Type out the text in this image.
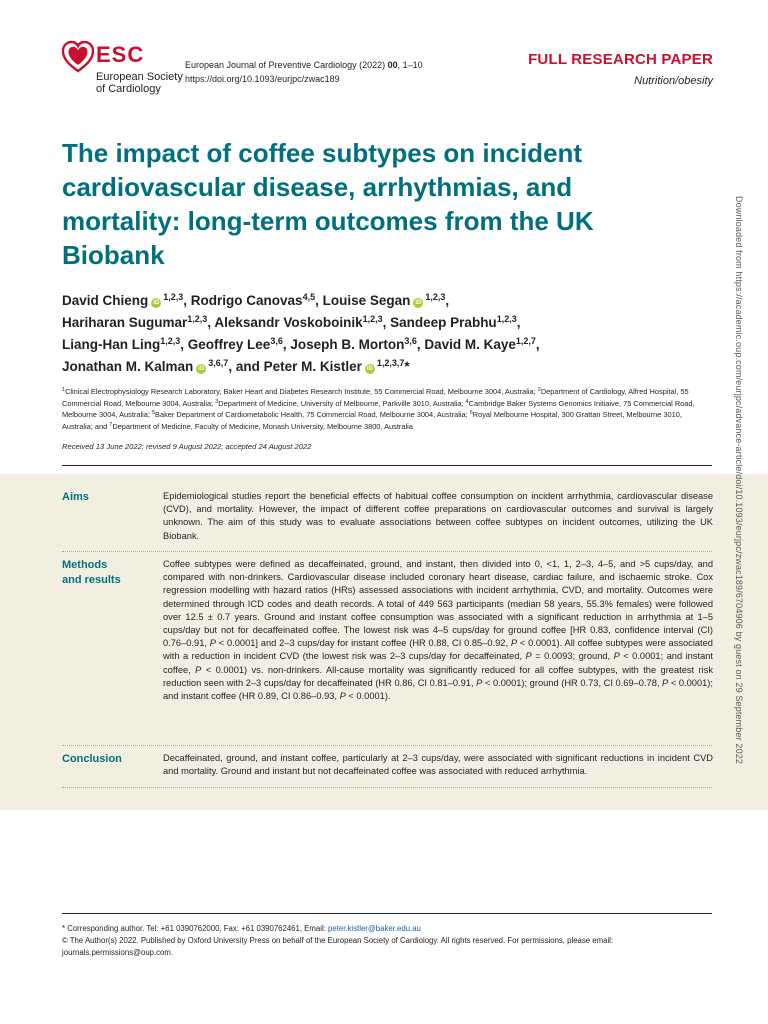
ESC
European Society
of Cardiology
European Journal of Preventive Cardiology (2022) 00, 1–10
https://doi.org/10.1093/eurjpc/zwac189
FULL RESEARCH PAPER
Nutrition/obesity
The impact of coffee subtypes on incident cardiovascular disease, arrhythmias, and mortality: long-term outcomes from the UK Biobank
David Chieng iD$^{1,2,3}$, Rodrigo Canovas$^{4,5}$, Louise Segan iD$^{1,2,3}$,
Hariharan Sugumar$^{1,2,3}$, Aleksandr Voskoboinik$^{1,2,3}$, Sandeep Prabhu$^{1,2,3}$,
Liang-Han Ling$^{1,2,3}$, Geoffrey Lee$^{3,6}$, Joseph B. Morton$^{3,6}$, David M. Kaye$^{1,2,7}$,
Jonathan M. Kalman iD$^{3,6,7}$, and Peter M. Kistler iD$^{1,2,3,7}$*
$^1$Clinical Electrophysiology Research Laboratory, Baker Heart and Diabetes Research Institute, 55 Commercial Road, Melbourne 3004, Australia; $^2$Department of Cardiology, Alfred Hospital, 55 Commercial Road, Melbourne 3004, Australia; $^3$Department of Medicine, University of Melbourne, Parkville 3010, Australia; $^4$Cambridge Baker Systems Genomics Initiaive, 75 Commercial Road, Melbourne 3004, Australia; $^5$Baker Department of Cardiometabolic Health, 75 Commercial Road, Melbourne 3004, Australia; $^6$Royal Melbourne Hospital, 300 Grattan Street, Melbourne 3010, Australia; and $^7$Department of Medicine, Faculty of Medicine, Monash University, Melbourne 3800, Australia
Received 13 June 2022; revised 9 August 2022; accepted 24 August 2022
Aims	Epidemiological studies report the beneficial effects of habitual coffee consumption on incident arrhythmia, cardiovascular disease (CVD), and mortality. However, the impact of different coffee preparations on cardiovascular outcomes and survival is largely unknown. The aim of this study was to evaluate associations between coffee subtypes on incident outcomes, utilizing the UK Biobank.
Methods
and results
Coffee subtypes were defined as decaffeinated, ground, and instant, then divided into 0, <1, 1, 2–3, 4–5, and >5 cups/day, and compared with non-drinkers. Cardiovascular disease included coronary heart disease, cardiac failure, and ischaemic stroke. Cox regression modelling with hazard ratios (HRs) assessed associations with incident arrhythmia, CVD, and mortality. Outcomes were determined through ICD codes and death records. A total of 449 563 participants (median 58 years, 55.3% females) were followed over 12.5 ± 0.7 years. Ground and instant coffee consumption was associated with a significant reduction in arrhythmia at 1–5 cups/day but not for decaffeinated coffee. The lowest risk was 4–5 cups/day for ground coffee [HR 0.83, confidence interval (CI) 0.76–0.91, P < 0.0001] and 2–3 cups/day for instant coffee (HR 0.88, CI 0.85–0.92, P < 0.0001). All coffee subtypes were associated with a reduction in incident CVD (the lowest risk was 2–3 cups/day for decaffeinated, P = 0.0093; ground, P < 0.0001; and instant coffee, P < 0.0001) vs. non-drinkers. All-cause mortality was significantly reduced for all coffee subtypes, with the greatest risk reduction seen with 2–3 cups/day for decaffeinated (HR 0.86, CI 0.81–0.91, P < 0.0001); ground (HR 0.73, CI 0.69–0.78, P < 0.0001); and instant coffee (HR 0.89, CI 0.86–0.93, P < 0.0001).
Conclusion	Decaffeinated, ground, and instant coffee, particularly at 2–3 cups/day, were associated with significant reductions in incident CVD and mortality. Ground and instant but not decaffeinated coffee was associated with reduced arrhythmia.
* Corresponding author. Tel: +61 0390762000, Fax: +61 0390762461, Email: peter.kistler@baker.edu.au
© The Author(s) 2022. Published by Oxford University Press on behalf of the European Society of Cardiology. All rights reserved. For permissions, please email: journals.permissions@oup.com.
Downloaded from https://academic.oup.com/eurjpc/advance-article/doi/10.1093/eurjpc/zwac189/6704906 by guest on 29 September 2022
